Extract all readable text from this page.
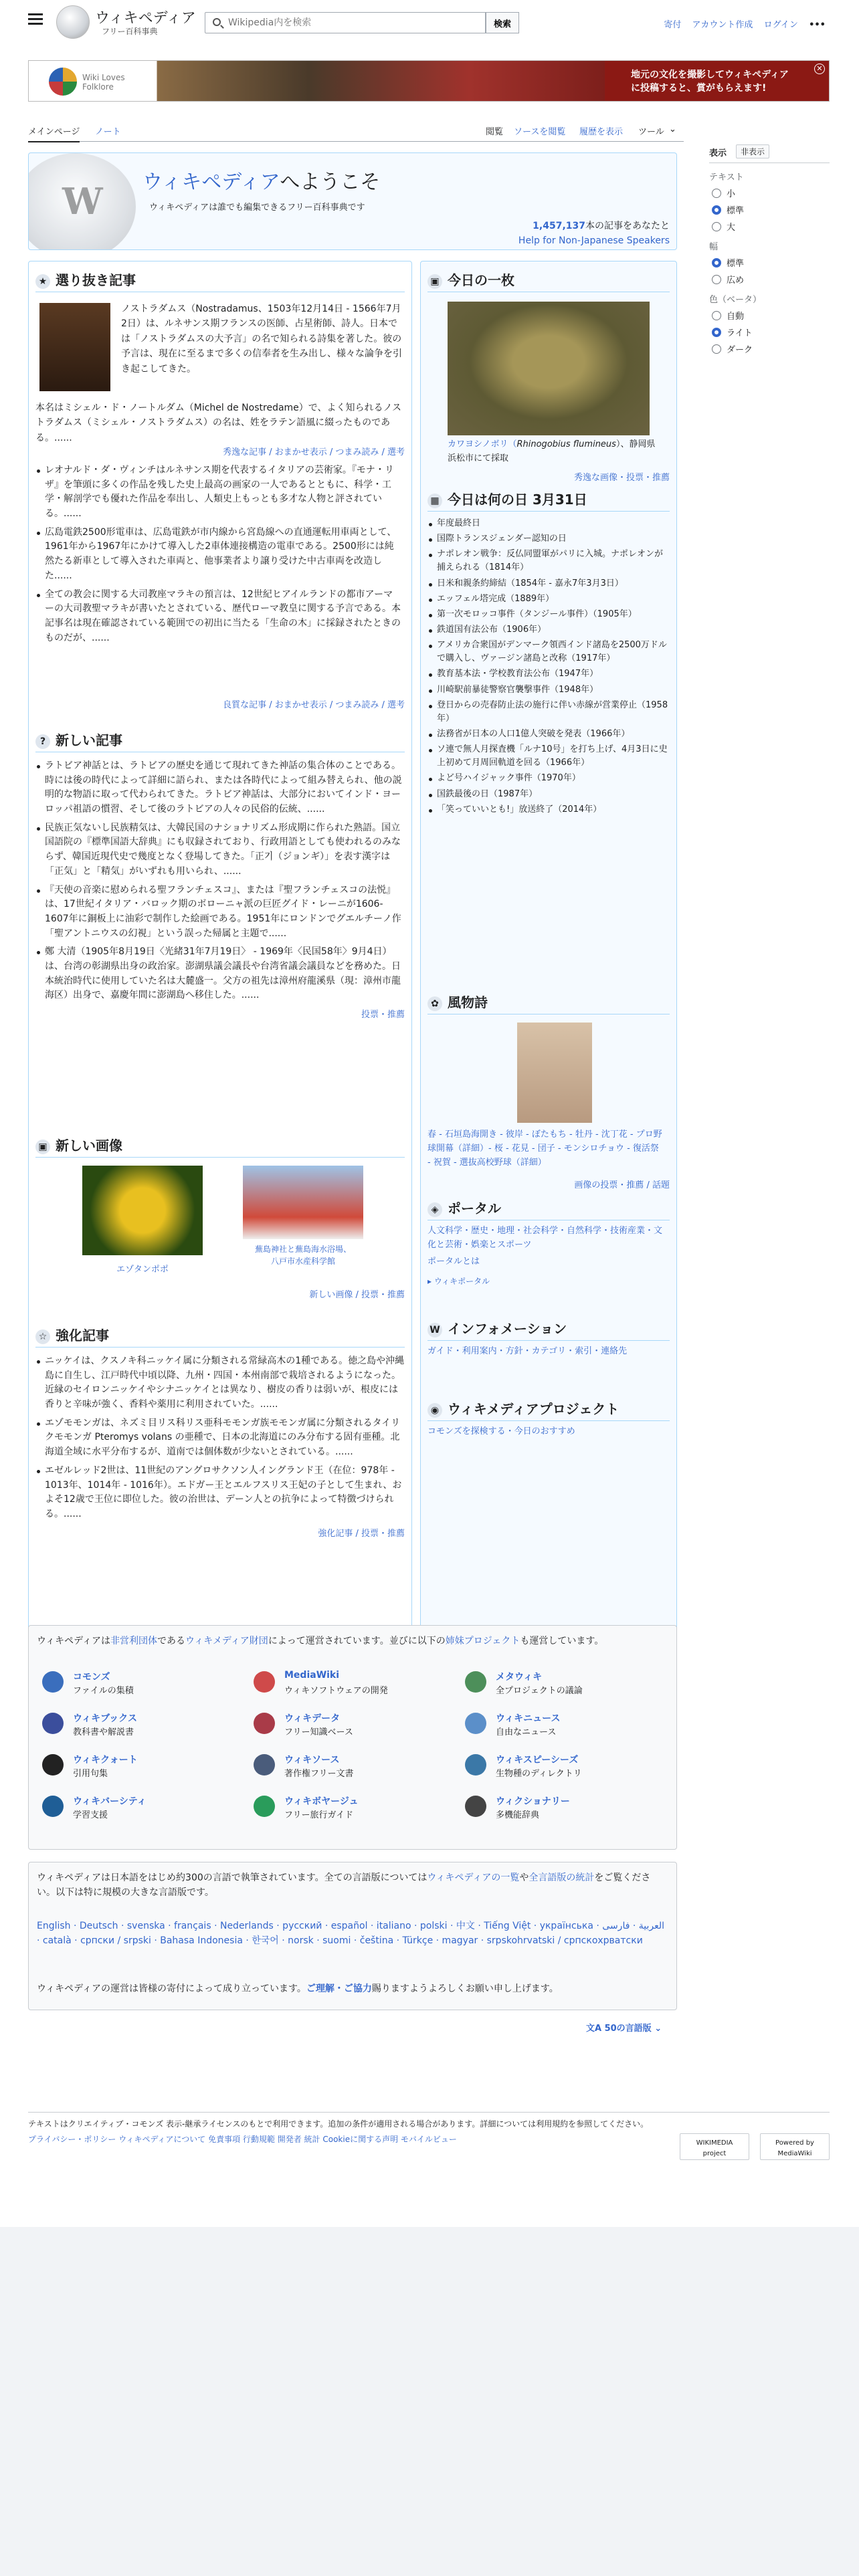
ウィキペディア
フリー百科事典
Wikipedia内を検索
検索	寄付 アカウント作成 ログイン •••
Wiki Loves
Folklore
地元の文化を撮影してウィキペディア
に投稿すると、賞がもらえます!
✕
メインページ ノート	閲覧 ソースを閲覧 履歴を表示 ツール ⌄
W ウィキペディアへようこそ
ウィキペディアは誰でも編集できるフリー百科事典です
1,457,137本の記事をあなたと
Help for Non-Japanese Speakers
★ 選り抜き記事
ノストラダムス（Nostradamus、1503年12月14日 - 1566年7月2日）は、ルネサンス期フランスの医師、占星術師、詩人。日本では「ノストラダムスの大予言」の名で知られる詩集を著した。彼の予言は、現在に至るまで多くの信奉者を生み出し、様々な論争を引き起こしてきた。
本名はミシェル・ド・ノートルダム（Michel de Nostredame）で、よく知られるノストラダムス（ミシェル・ノストラダムス）の名は、姓をラテン語風に綴ったものである。......
秀逸な記事 / おまかせ表示 / つまみ読み / 選考
レオナルド・ダ・ヴィンチはルネサンス期を代表するイタリアの芸術家。『モナ・リザ』を筆頭に多くの作品を残した史上最高の画家の一人であるとともに、科学・工学・解剖学でも優れた作品を奉出し、人類史上もっとも多才な人物と評されている。......
広島電鉄2500形電車は、広島電鉄が市内線から宮島線への直通運転用車両として、1961年から1967年にかけて導入した2車体連接構造の電車である。2500形には純然たる新車として導入された車両と、他事業者より譲り受けた中古車両を改造した......
全ての教会に関する大司教座マラキの預言は、12世紀ヒアイルランドの都市アーマーの大司教聖マラキが書いたとされている、歴代ローマ教皇に関する予言である。本記事名は現在確認されている範囲での初出に当たる「生命の木」に採録されたときのものだが、......
良質な記事 / おまかせ表示 / つまみ読み / 選考
? 新しい記事
ラトビア神話とは、ラトビアの歴史を通じて現れてきた神話の集合体のことである。時には後の時代によって詳細に語られ、または各時代によって組み替えられ、他の説明的な物語に取って代わられてきた。ラトビア神話は、大部分においてインド・ヨーロッパ祖語の慣習、そして後のラトビアの人々の民俗的伝統、......
民族正気ないし民族精気は、大韓民国のナショナリズム形成期に作られた熟語。国立国語院の『標準国語大辞典』にも収録されており、行政用語としても使われるのみならず、韓国近現代史で幾度となく登場してきた。「正기（ジョンギ）」を表す漢字は「正気」と「精気」がいずれも用いられ、......
『天使の音楽に慰められる聖フランチェスコ』、または『聖フランチェスコの法悦』は、17世紀イタリア・バロック期のボローニャ派の巨匠グイド・レーニが1606-1607年に銅板上に油彩で制作した絵画である。1951年にロンドンでグエルチーノ作「聖アントニウスの幻視」という誤った帰属と主題で......
鄭 大清（1905年8月19日〈光緒31年7月19日〉 - 1969年〈民国58年〉9月4日）は、台湾の彰湖県出身の政治家。澎湖県議会議長や台湾省議会議員などを務めた。日本統治時代に使用していた名は大麓盛一。父方の祖先は漳州府龍溪県（現：漳州市龍海区）出身で、嘉慶年間に澎湖島へ移住した。......
投票・推薦
▣ 新しい画像
エゾタンポポ
蕪島神社と蕪島海水浴場、
八戸市水産科学館
新しい画像 / 投票・推薦
☆ 強化記事
ニッケイは、クスノキ科ニッケイ属に分類される常緑高木の1種である。徳之島や沖縄島に自生し、江戸時代中頃以降、九州・四国・本州南部で栽培されるようになった。近縁のセイロンニッケイやシナニッケイとは異なり、樹皮の香りは弱いが、根皮には香りと辛味が強く、香料や薬用に利用されていた。......
エゾモモンガは、ネズミ目リス科リス亜科モモンガ族モモンガ属に分類されるタイリクモモンガ Pteromys volans の亜種で、日本の北海道にのみ分布する固有亜種。北海道全域に水平分布するが、道南では個体数が少ないとされている。......
エゼルレッド2世は、11世紀のアングロサクソン人イングランド王（在位：978年 - 1013年、1014年 - 1016年）。エドガー王とエルフスリス王妃の子として生まれ、およそ12歳で王位に即位した。彼の治世は、デーン人との抗争によって特徴づけられる。......
強化記事 / 投票・推薦
▣ 今日の一枚
カワヨシノボリ（Rhinogobius flumineus）、静岡県浜松市にて採取
秀逸な画像・投票・推薦
▦ 今日は何の日 3月31日
年度最終日
国際トランスジェンダー認知の日
ナポレオン戦争：反仏同盟軍がパリに入城。ナポレオンが捕えられる（1814年）
日米和親条約締結（1854年 - 嘉永7年3月3日）
エッフェル塔完成（1889年）
第一次モロッコ事件（タンジール事件）（1905年）
鉄道国有法公布（1906年）
アメリカ合衆国がデンマーク領西インド諸島を2500万ドルで購入し、ヴァージン諸島と改称（1917年）
教育基本法・学校教育法公布（1947年）
川崎駅前暴徒警察官襲撃事件（1948年）
登日からの売春防止法の施行に伴い赤線が営業停止（1958年）
法務省が日本の人口1億人突破を発表（1966年）
ソ連で無人月探査機「ルナ10号」を打ち上げ、4月3日に史上初めて月周回軌道を回る（1966年）
よど号ハイジャック事件（1970年）
国鉄最後の日（1987年）
「笑っていいとも!」放送終了（2014年）
✿ 風物詩
春 - 石垣島海開き - 彼岸 - ぼたもち - 牡丹 - 沈丁花 - プロ野球開幕（詳細）- 桜 - 花見 - 団子 - モンシロチョウ - 復活祭 - 祝賀 - 選抜高校野球（詳細）
画像の投票・推薦 / 話題
◈ ポータル
人文科学・歴史・地理・社会科学・自然科学・技術産業・文化と芸術・娯楽とスポーツ
ポータルとは
▸ ウィキポータル
W インフォメーション
ガイド・利用案内・方針・カテゴリ・索引・連絡先
◉ ウィキメディアプロジェクト
コモンズを探検する・今日のおすすめ
表示	非表示
テキスト
小
標準
大
幅
標準
広め
色（ベータ）
自動
ライト
ダーク
ウィキペディアは非営利団体であるウィキメディア財団によって運営されています。並びに以下の姉妹プロジェクトも運営しています。
コモンズ
ファイルの集積
MediaWiki
ウィキソフトウェアの開発
メタウィキ
全プロジェクトの議論
ウィキブックス
教科書や解説書
ウィキデータ
フリー知識ベース
ウィキニュース
自由なニュース
ウィキクォート
引用句集
ウィキソース
著作権フリー文書
ウィキスピーシーズ
生物種のディレクトリ
ウィキバーシティ
学習支援
ウィキボヤージュ
フリー旅行ガイド
ウィクショナリー
多機能辞典
ウィキペディアは日本語をはじめ約300の言語で執筆されています。全ての言語版についてはウィキペディアの一覧や全言語版の統計をご覧ください。以下は特に規模の大きな言語版です。
English · Deutsch · svenska · français · Nederlands · русский · español · italiano · polski · 中文 · Tiếng Việt · українська · العربية · فارسی · català · српски / srpski · Bahasa Indonesia · 한국어 · norsk · suomi · čeština · Türkçe · magyar · srpskohrvatski / српскохрватски
ウィキペディアの運営は皆様の寄付によって成り立っています。ご理解・ご協力賜りますようよろしくお願い申し上げます。
文A 50の言語版 ⌄
テキストはクリエイティブ・コモンズ 表示-継承ライセンスのもとで利用できます。追加の条件が適用される場合があります。詳細については利用規約を参照してください。
プライバシー・ポリシー ウィキペディアについて 免責事項 行動規範 開発者 統計 Cookieに関する声明 モバイルビュー	WIKIMEDIA project
Powered by MediaWiki
